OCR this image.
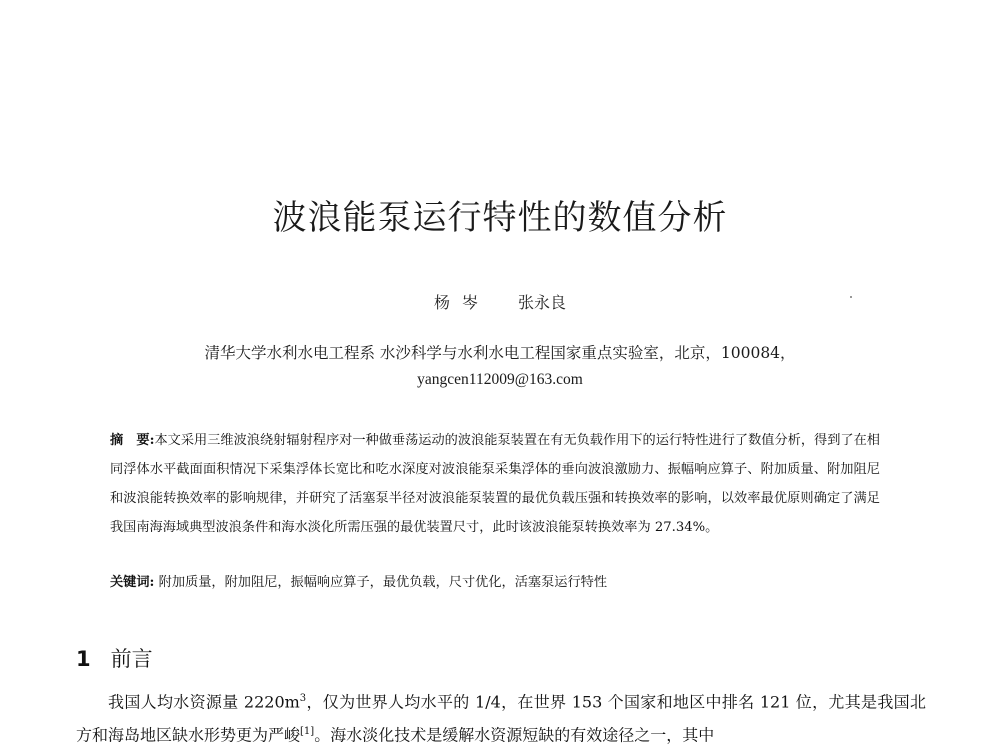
波浪能泵运行特性的数值分析
杨岑 张永良
清华大学水利水电工程系 水沙科学与水利水电工程国家重点实验室，北京，100084，
yangcen112009@163.com
摘　要:本文采用三维波浪绕射辐射程序对一种做垂荡运动的波浪能泵装置在有无负载作用下的运行特性进行了数值分析，得到了在相同浮体水平截面面积情况下采集浮体长宽比和吃水深度对波浪能泵采集浮体的垂向波浪激励力、振幅响应算子、附加质量、附加阻尼和波浪能转换效率的影响规律，并研究了活塞泵半径对波浪能泵装置的最优负载压强和转换效率的影响，以效率最优原则确定了满足我国南海海域典型波浪条件和海水淡化所需压强的最优装置尺寸，此时该波浪能泵转换效率为 27.34%。
关键词: 附加质量，附加阻尼，振幅响应算子，最优负载，尺寸优化，活塞泵运行特性
1 前言
我国人均水资源量 $2220m^3$，仅为世界人均水平的 1/4，在世界 153 个国家和地区中排名 121 位，尤其是我国北方和海岛地区缺水形势更为严峻[1]。海水淡化技术是缓解水资源短缺的有效途径之一，其中
